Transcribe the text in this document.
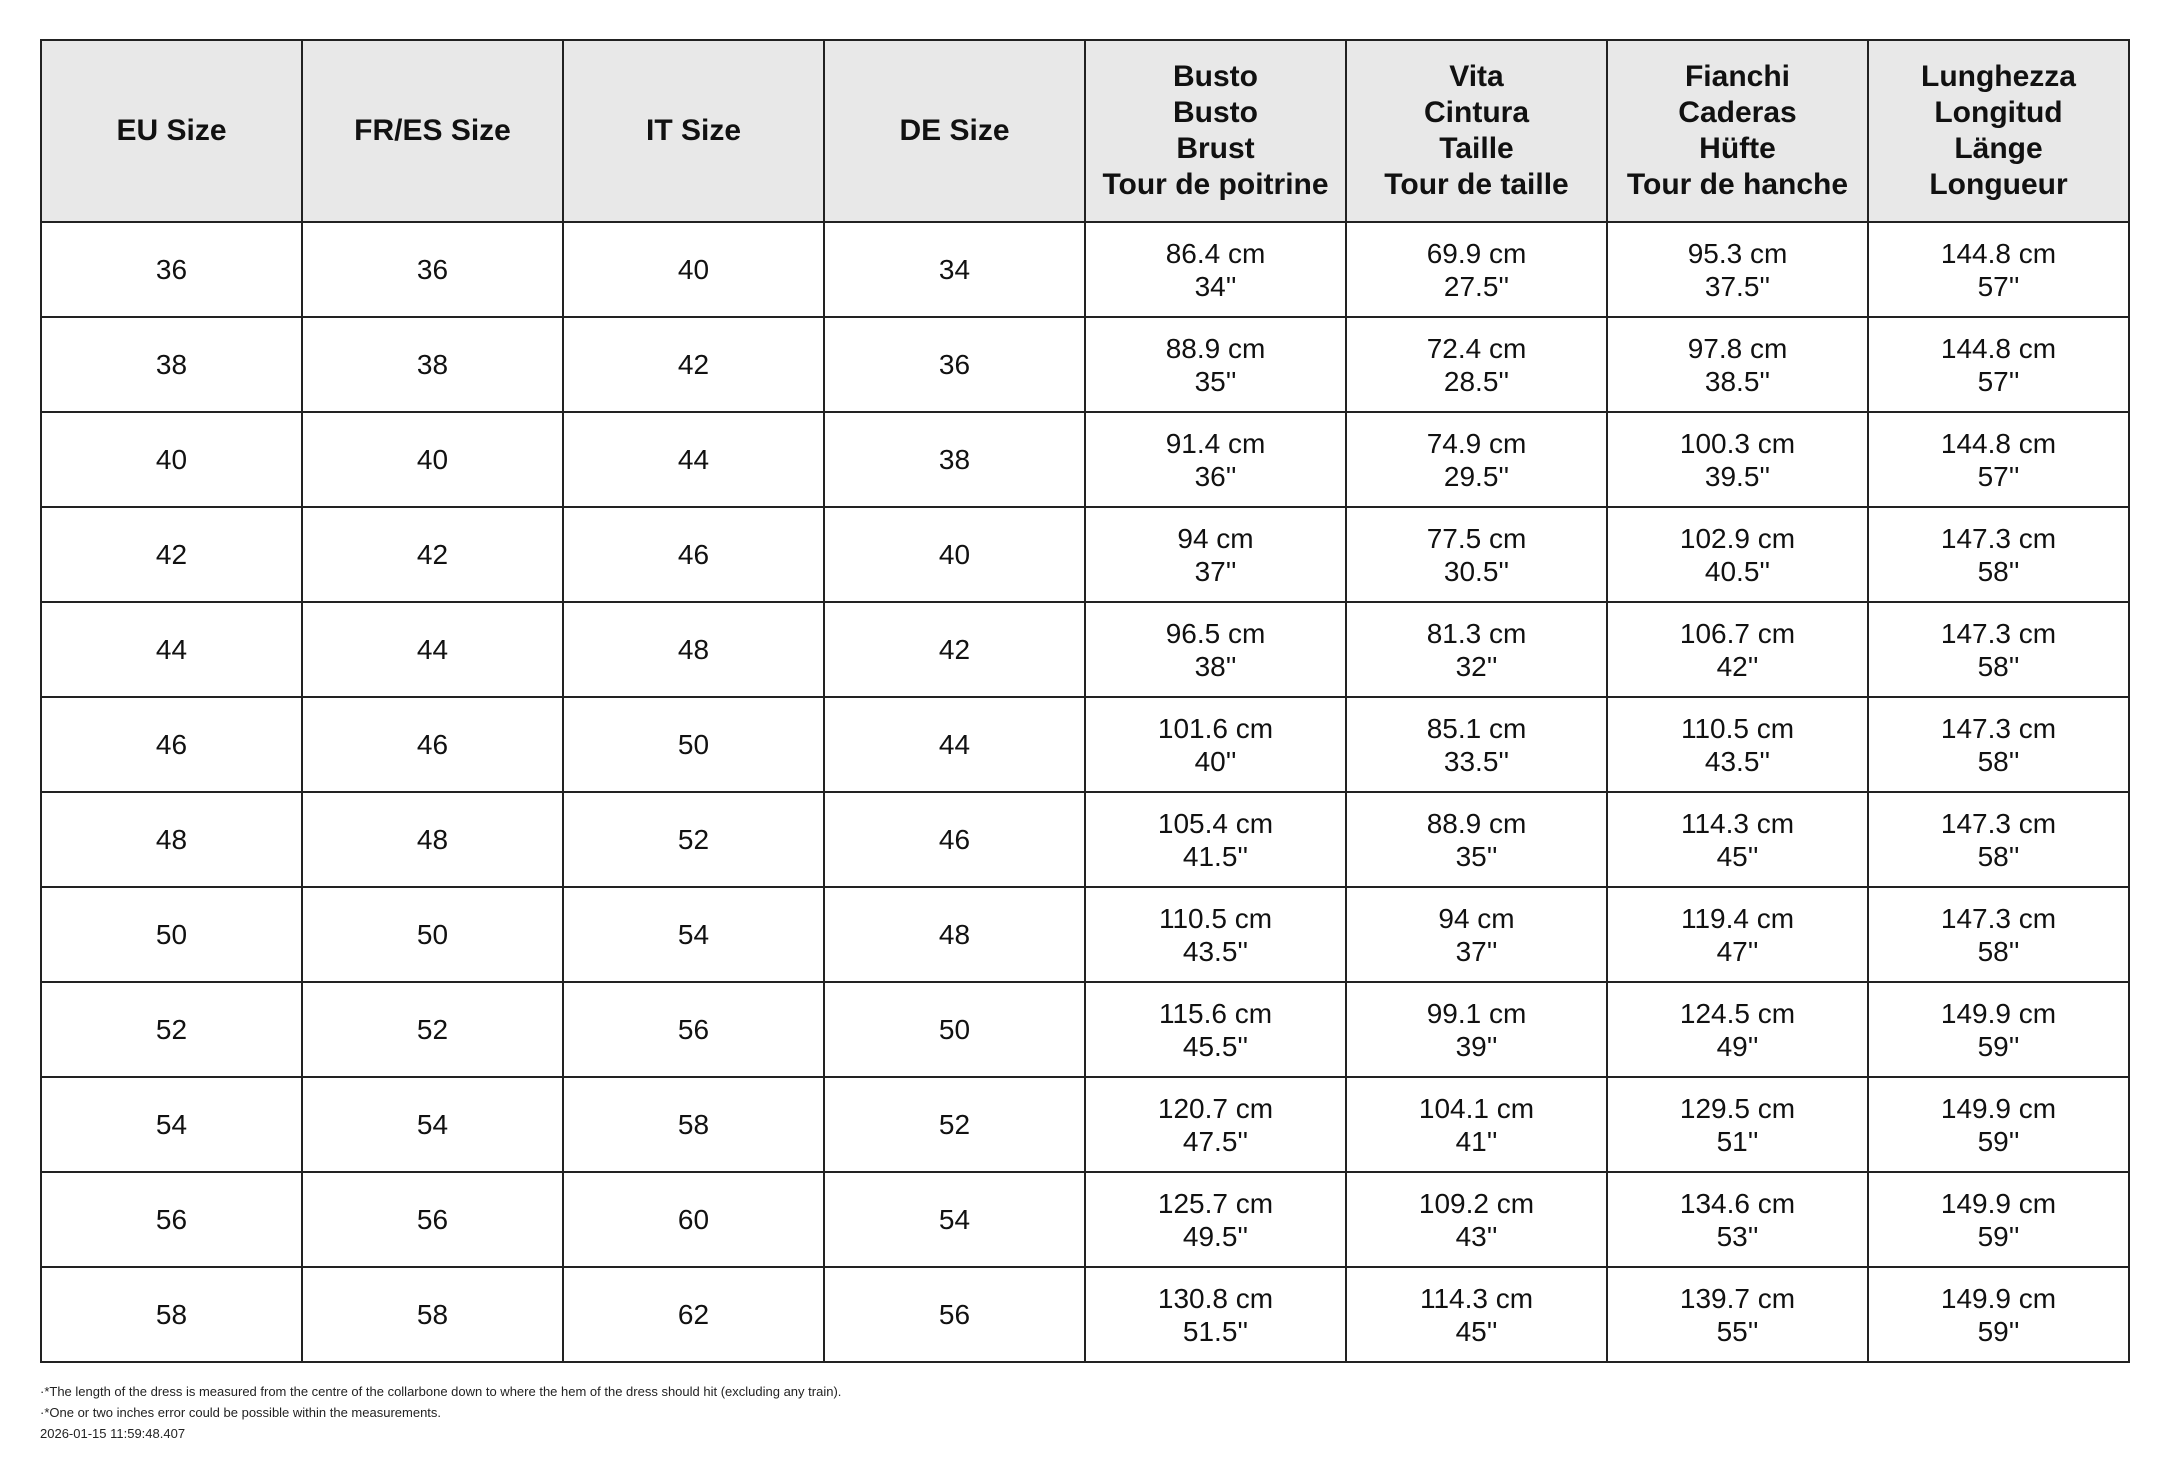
EU Size	FR/ES Size	IT Size	DE Size	Busto
Busto
Brust
Tour de poitrine	Vita
Cintura
Taille
Tour de taille	Fianchi
Caderas
Hüfte
Tour de hanche	Lunghezza
Longitud
Länge
Longueur

36	36	40	34	86.4 cm
34''	69.9 cm
27.5''	95.3 cm
37.5''	144.8 cm
57''

38	38	42	36	88.9 cm
35''	72.4 cm
28.5''	97.8 cm
38.5''	144.8 cm
57''

40	40	44	38	91.4 cm
36''	74.9 cm
29.5''	100.3 cm
39.5''	144.8 cm
57''

42	42	46	40	94 cm
37''	77.5 cm
30.5''	102.9 cm
40.5''	147.3 cm
58''

44	44	48	42	96.5 cm
38''	81.3 cm
32''	106.7 cm
42''	147.3 cm
58''

46	46	50	44	101.6 cm
40''	85.1 cm
33.5''	110.5 cm
43.5''	147.3 cm
58''

48	48	52	46	105.4 cm
41.5''	88.9 cm
35''	114.3 cm
45''	147.3 cm
58''

50	50	54	48	110.5 cm
43.5''	94 cm
37''	119.4 cm
47''	147.3 cm
58''

52	52	56	50	115.6 cm
45.5''	99.1 cm
39''	124.5 cm
49''	149.9 cm
59''

54	54	58	52	120.7 cm
47.5''	104.1 cm
41''	129.5 cm
51''	149.9 cm
59''

56	56	60	54	125.7 cm
49.5''	109.2 cm
43''	134.6 cm
53''	149.9 cm
59''

58	58	62	56	130.8 cm
51.5''	114.3 cm
45''	139.7 cm
55''	149.9 cm
59''
·*The length of the dress is measured from the centre of the collarbone down to where the hem of the dress should hit (excluding any train).
·*One or two inches error could be possible within the measurements.
2026-01-15 11:59:48.407
